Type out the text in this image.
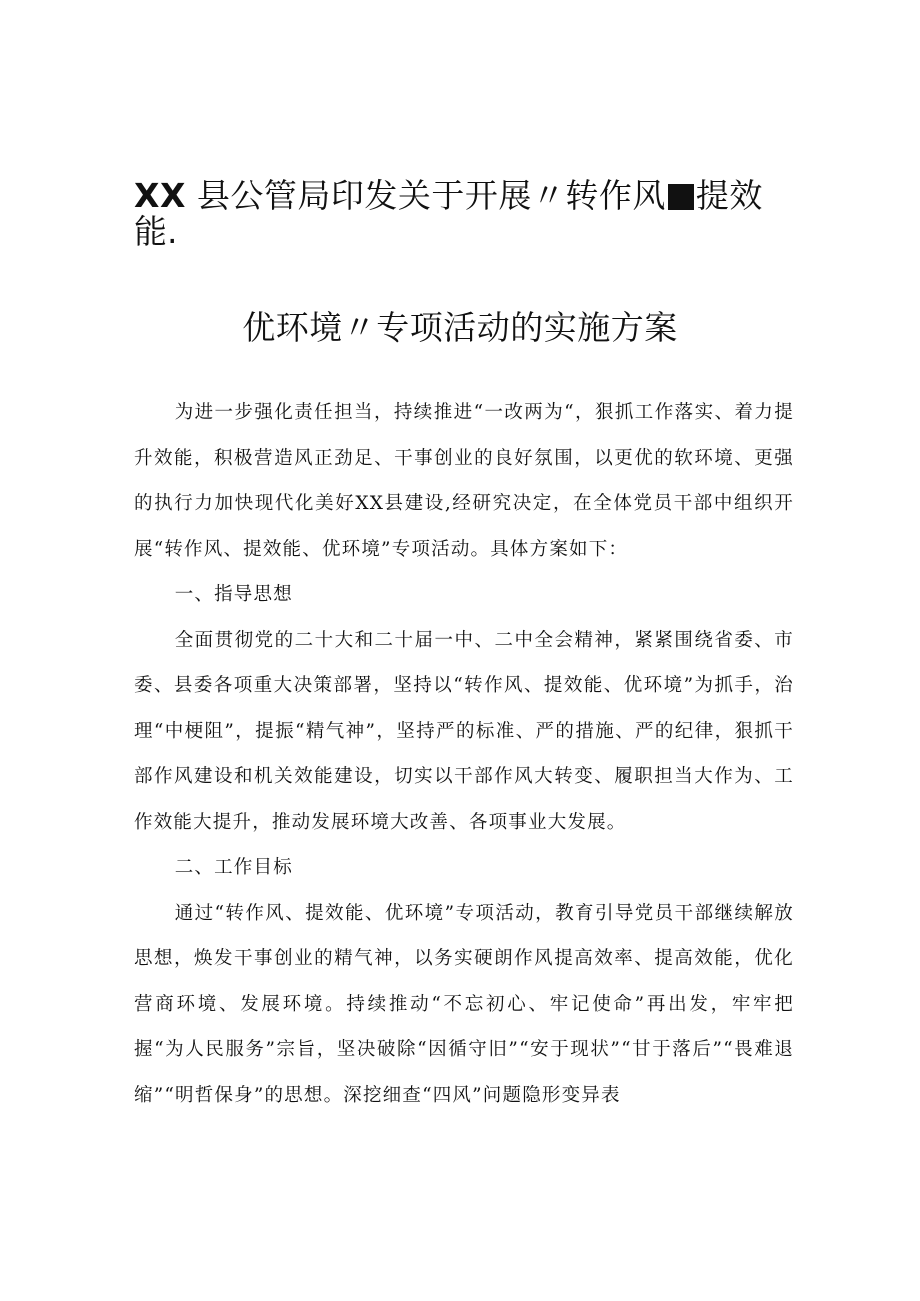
XX 县公管局印发关于开展〃转作风 提效
能.
优环境〃专项活动的实施方案

为进一步强化责任担当，持续推进“一改两为“，狠抓工作落实、着力提升效能，积极营造风正劲足、干事创业的良好氛围，以更优的软环境、更强的执行力加快现代化美好XX县建设,经研究决定，在全体党员干部中组织开展“转作风、提效能、优环境”专项活动。具体方案如下：

一、指导思想

全面贯彻党的二十大和二十届一中、二中全会精神，紧紧围绕省委、市委、县委各项重大决策部署，坚持以“转作风、提效能、优环境”为抓手，治理“中梗阻”，提振“精气神”，坚持严的标准、严的措施、严的纪律，狠抓干部作风建设和机关效能建设，切实以干部作风大转变、履职担当大作为、工作效能大提升，推动发展环境大改善、各项事业大发展。

二、工作目标

通过“转作风、提效能、优环境”专项活动，教育引导党员干部继续解放思想，焕发干事创业的精气神，以务实硬朗作风提高效率、提高效能，优化营商环境、发展环境。持续推动“不忘初心、牢记使命”再出发，牢牢把握“为人民服务”宗旨，坚决破除“因循守旧”“安于现状”“甘于落后”“畏难退缩”“明哲保身”的思想。深挖细查“四风”问题隐形变异表
